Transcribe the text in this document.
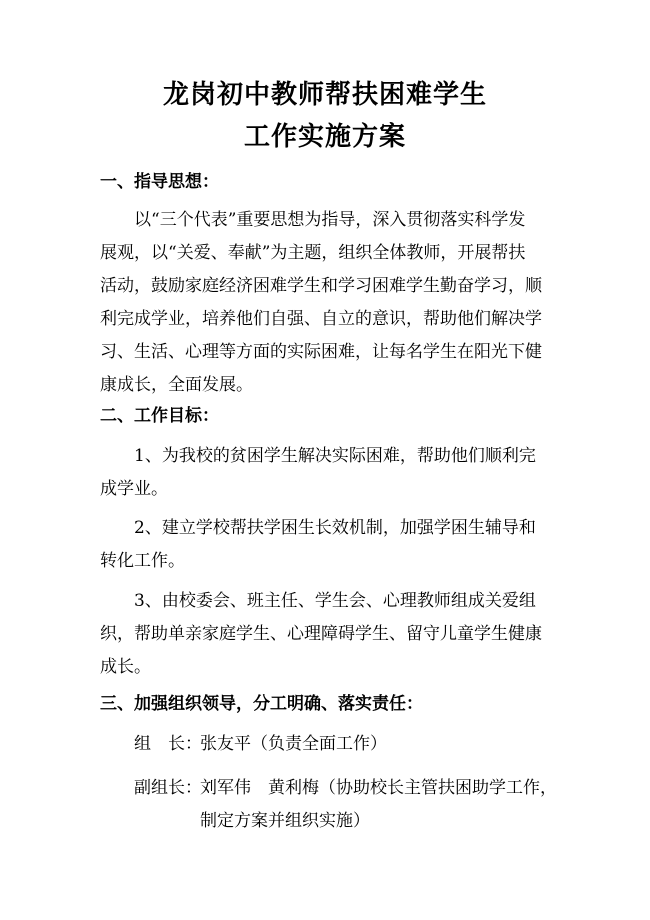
龙岗初中教师帮扶困难学生
工作实施方案
一、指导思想：
以“三个代表”重要思想为指导，深入贯彻落实科学发
展观，以“关爱、奉献”为主题，组织全体教师，开展帮扶
活动，鼓励家庭经济困难学生和学习困难学生勤奋学习，顺
利完成学业，培养他们自强、自立的意识，帮助他们解决学
习、生活、心理等方面的实际困难，让每名学生在阳光下健
康成长，全面发展。
二、工作目标：
1、为我校的贫困学生解决实际困难，帮助他们顺利完
成学业。
2、建立学校帮扶学困生长效机制，加强学困生辅导和
转化工作。
3、由校委会、班主任、学生会、心理教师组成关爱组
织，帮助单亲家庭学生、心理障碍学生、留守儿童学生健康
成长。
三、加强组织领导，分工明确、落实责任：
组　长：张友平（负责全面工作）
副组长：刘军伟　黄利梅（协助校长主管扶困助学工作，
制定方案并组织实施）
